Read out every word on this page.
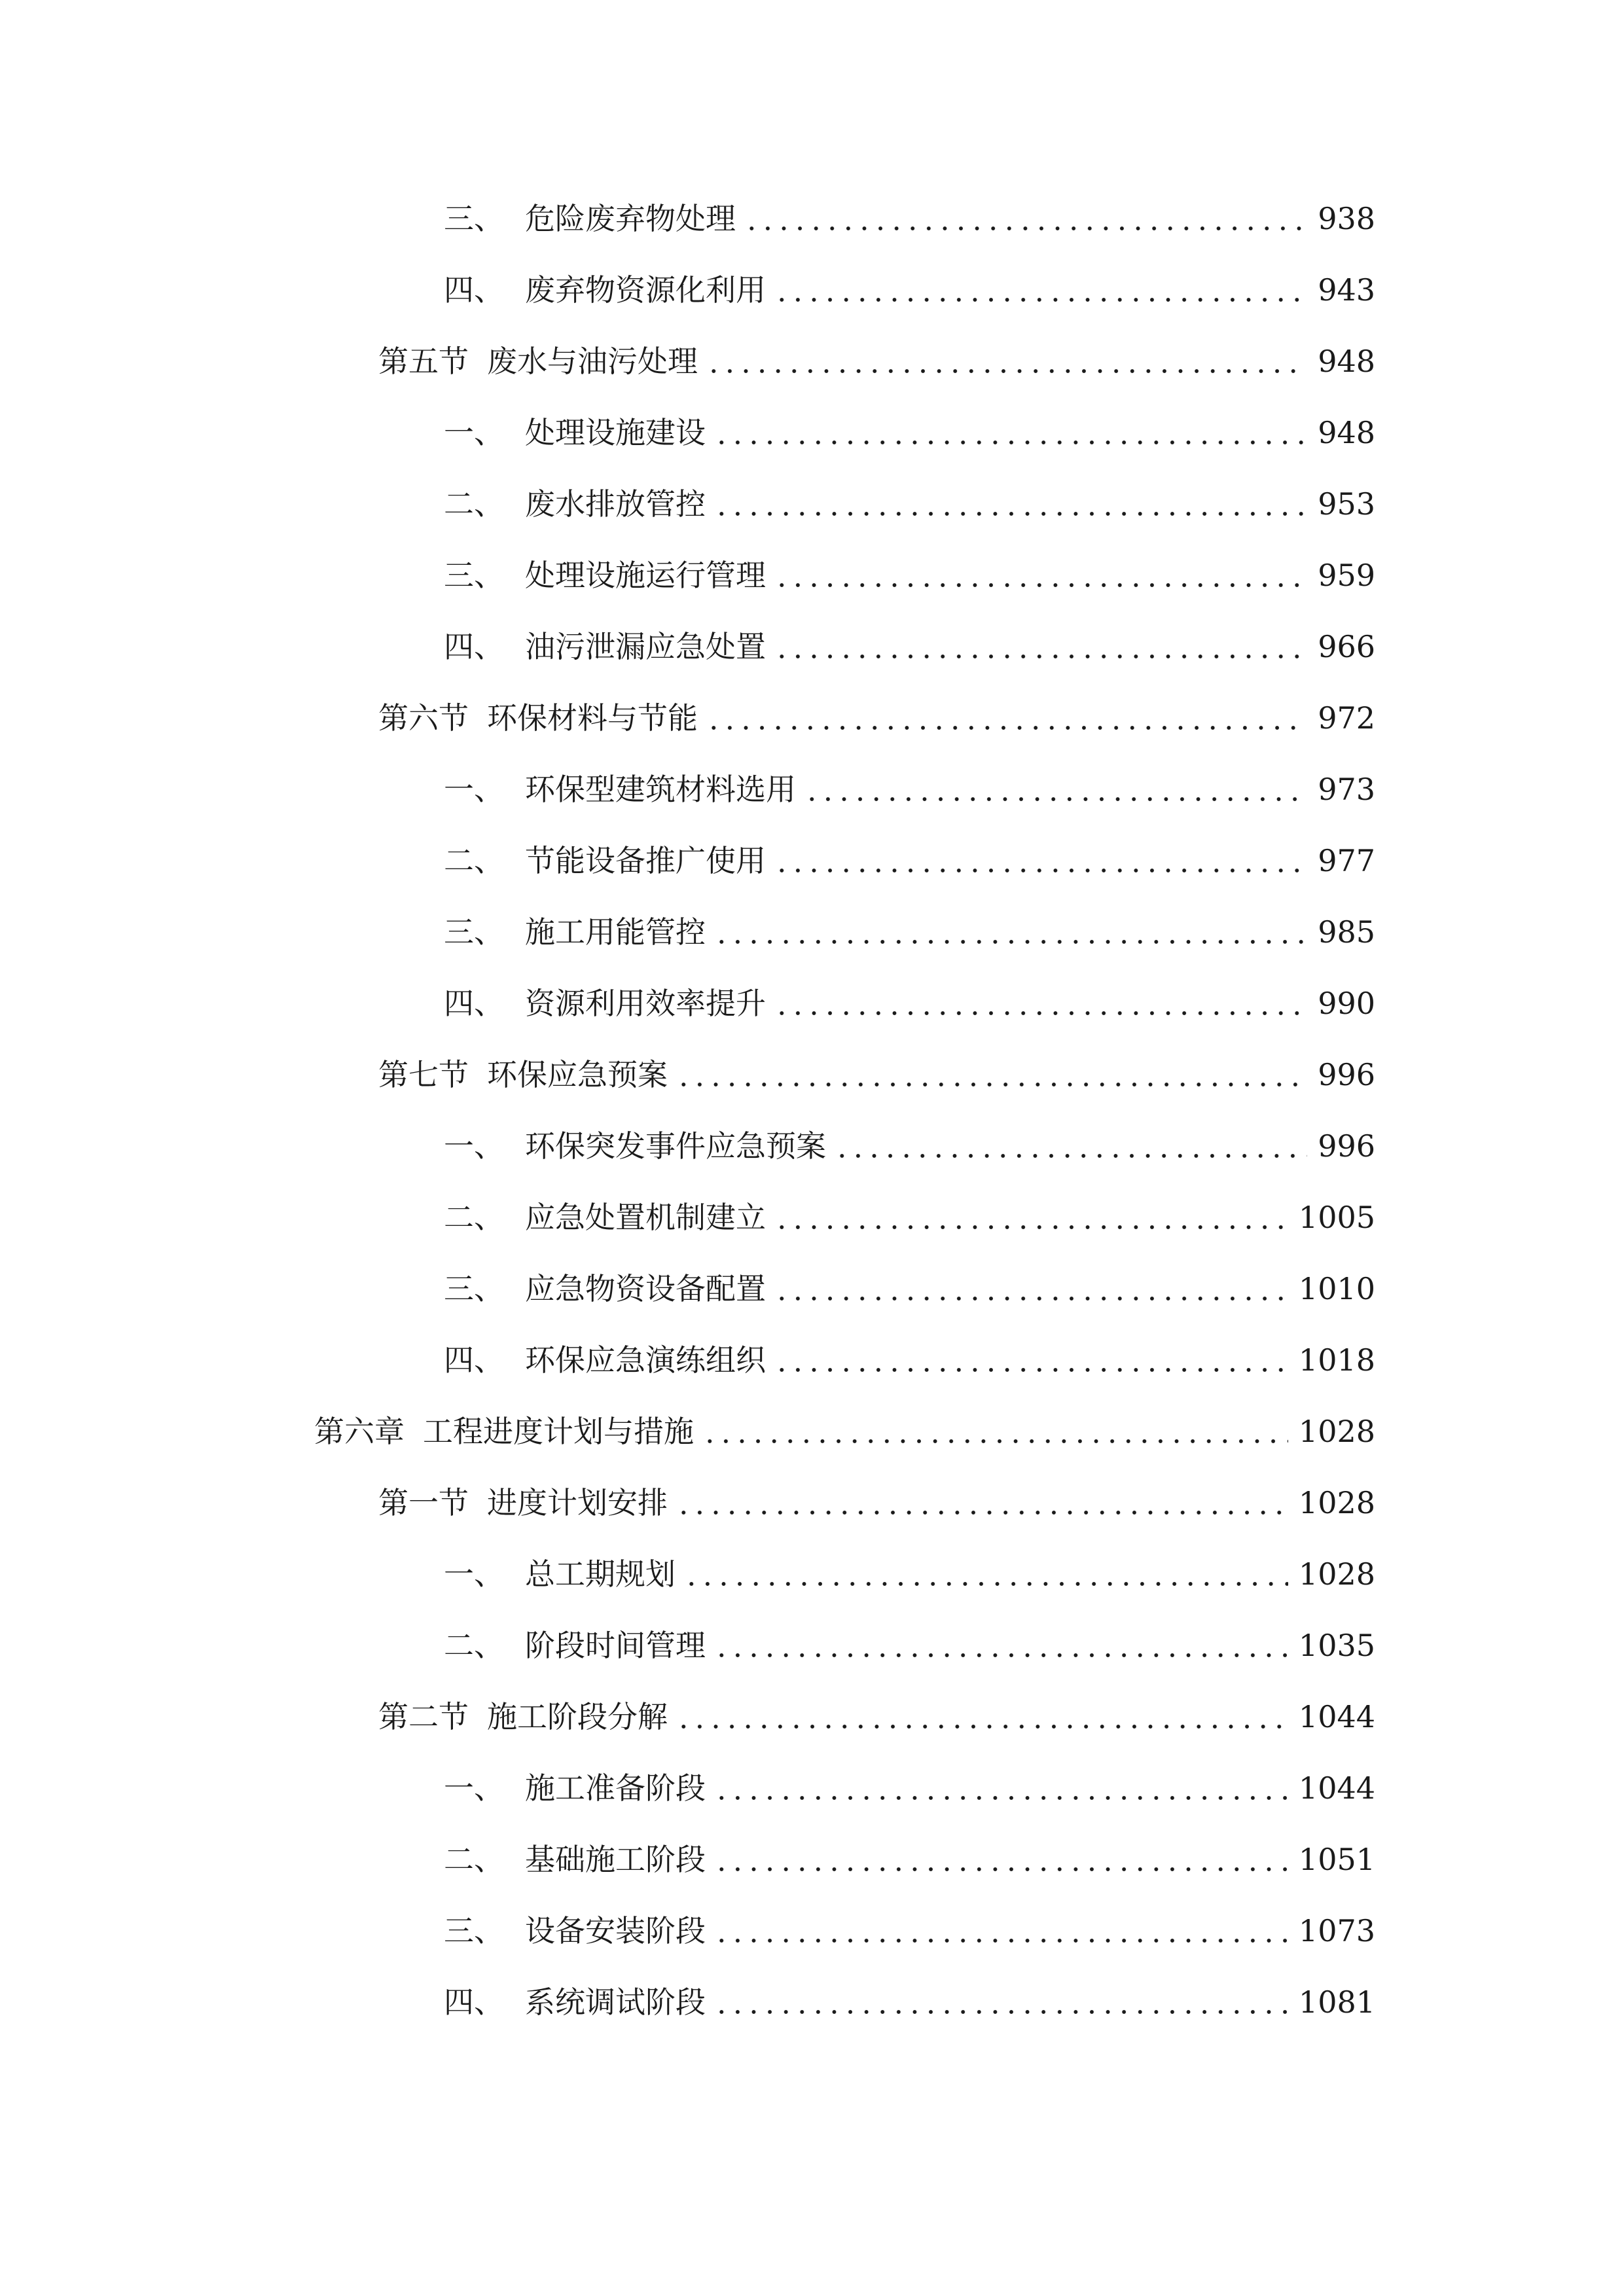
三、 危险废弃物处理	938
四、 废弃物资源化利用	943
第五节 废水与油污处理	948
一、 处理设施建设	948
二、 废水排放管控	953
三、 处理设施运行管理	959
四、 油污泄漏应急处置	966
第六节 环保材料与节能	972
一、 环保型建筑材料选用	973
二、 节能设备推广使用	977
三、 施工用能管控	985
四、 资源利用效率提升	990
第七节 环保应急预案	996
一、 环保突发事件应急预案	996
二、 应急处置机制建立	1005
三、 应急物资设备配置	1010
四、 环保应急演练组织	1018
第六章 工程进度计划与措施	1028
第一节 进度计划安排	1028
一、 总工期规划	1028
二、 阶段时间管理	1035
第二节 施工阶段分解	1044
一、 施工准备阶段	1044
二、 基础施工阶段	1051
三、 设备安装阶段	1073
四、 系统调试阶段	1081
